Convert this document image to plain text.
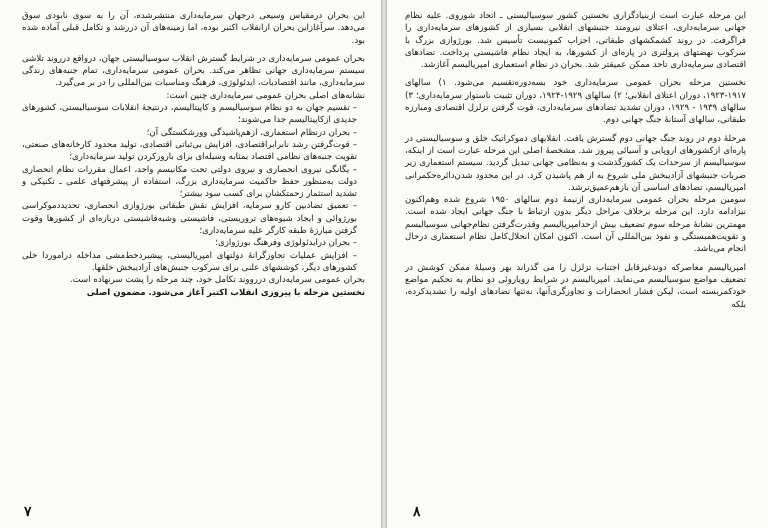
این بحران درمقیاس وسیعی درجهان سرمایه‌داری منتشرشده، آن را به سوی نابودی سوق می‌دهد. سرآغازاین بحران ازانقلاب اکتبر بوده، اما زمینه‌های آن دررشد و تکامل قبلی آماده شده بود.

بحران عمومی سرمایه‌داری در شرایط گسترش انقلاب سوسیالیستی جهان، درواقع درروند تلاشی سیستم سرمایه‌داری جهانی تظاهر می‌کند. بحران عمومی سرمایه‌داری، تمام جنبه‌های زندگی سرمایه‌داری، مانند اقتصادیات، ایدئولوژی، فرهنگ ومناسبات بین‌المللی را در بر می‌گیرد.

نشانه‌های اصلی بحران عمومی سرمایه‌داری چنین است:

– تقسیم جهان به دو نظام سوسیالیسم و کاپیتالیسم، درنتیجهٔ انقلابات سوسیالیستی، کشورهای جدیدی ازکاپیتالیسم جدا می‌شوند؛

– بحران درنظام استعماری، ازهم‌پاشیدگی وورشکستگی آن؛

– قوت‌گرفتن رشد نابرابراقتصادی، افزایش بی‌ثباتی اقتصادی، تولید محدود کارخانه‌های صنعتی، تقویت جنبه‌های نظامی اقتصاد بمثابه وسیله‌ای برای بارورکردن تولید سرمایه‌داری؛

– یگانگی نیروی انحصاری و نیروی دولتی تحت مکانیسم واحد، اعمال مقررات نظام انحصاری دولت به‌منظور حفظ حاکمیت سرمایه‌داری بزرگ، استفاده از پیشرفتهای علمی ـ تکنیکی و تشدید استثمار زحمتکشان برای کسب سود بیشتر؛

– تعمیق تضادبین کارو سرمایه، افزایش نقش طبقاتی بورژوازی انحصاری، تحدیددموکراسی بورژوائی و ایجاد شیوه‌های تروریستی، فاشیستی وشبه‌فاشیستی دربازه‌ای از کشورها وقوت گرفتن مبارزهٔ طبقه کارگر علیه سرمایه‌داری؛

– بحران درایدئولوژی وفرهنگ بورژوازی؛

– افزایش عملیات تجاوزگرانهٔ دولتهای امپریالیستی، پیشبردخط‌مشی مداخله دراموردا خلی کشورهای دیگر، کوششهای علنی برای سرکوب جنبش‌های آزادیبخش خلقها.

بحران عمومی سرمایه‌داری دررووند تکامل خود، چند مرحله را پشت سرنهاده است.

نخستین مرحله با پیروزی انقلاب اکتبر آغاز می‌شود. مضمون اصلی

۷

این مرحله عبارت است ازبنیادگزاری نخستین کشور سوسیالیستی ـ اتحاد شوروی. علیه نظام جهانی سرمایه‌داری، اعتلای نیرومند جنبشهای انقلابی بسیاری از کشورهای سرمایه‌داری را فراگرفت. در روند کشمکشهای طبقاتی، احزاب کمونیست تأسیس شد. بورژوازی بزرگ با سرکوب نهضتهای پرولتری در پاره‌ای از کشورها، به ایجاد نظام فاشیستی پرداخت. تضادهای اقتصادی سرمایه‌داری تاحد ممکن عمیقتر شد. بحران در نظام استعماری امپریالیسم آغازشد.

نخستین مرحله بحران عمومی سرمایه‌داری خود بسه‌دوره‌تقسیم می‌شود. ۱) سالهای ۱۹۱۷-۱۹۲۳، دوران اعتلای انقلابی؛ ۲) سالهای ۱۹۲۹-۱۹۲۴، دوران تثبیت ناستوار سرمایه‌داری؛ ۳) سالهای ۱۹۳۹ - ۱۹۲۹، دوران تشدید تضادهای سرمایه‌داری، قوت گرفتن تزلزل اقتصادی ومبارزه طبقاتی، سالهای آستانهٔ جنگ جهانی دوم.

مرحلهٔ دوم در روند جنگ جهانی دوم گسترش یافت. انقلابهای دموکراتیک خلق و سوسیالیستی در پاره‌ای ازکشورهای اروپایی و آسیائی پیروز شد. مشخصهٔ اصلی این مرحله عبارت است از اینکه، سوسیالیسم از سرحدات یک کشورگذشت و به‌نظامی جهانی تبدیل گردید. سیستم استعماری زیر ضربات جنبشهای آزادیبخش ملی شروع به از هم پاشیدن کرد. در این محدود شدن‌دائره‌حکمرانی امپریالیسم، تضادهای اساسی آن بازهم‌عمیق‌ترشد.

سومین مرحله بحران عمومی سرمایه‌داری ازنیمهٔ دوم سالهای ۱۹۵۰ شروع شده وهم‌اکنون نیزادامه دارد. این مرحله برخلاف مراحل دیگر بدون ارتباط با جنگ جهانی ایجاد شده است. مهمترین نشانهٔ مرحله سوم تضعیف بیش ازحدامپریالیسم وقدرت‌گرفتن نظام‌جهانی سوسیالیسم و تقویت‌همبستگی و نفوذ بین‌المللی آن است. اکنون امکان انحلال‌کامل نظام استعماری درحال انجام می‌باشد.

امپریالیسم معاصرکه دوندغیرقابل اجتناب تزلزل را می گذراند بهر وسیلهٔ ممکن کوشش در تضعیف مواضع سوسیالیسم می‌نماید. امپریالیسم در شرایط رویاروئی دو نظام به تحکیم مواضع خودکمربسته است، لیکن فشار انحصارات و تجاوزگری‌آنها، نه‌تنها تضادهای اولیه را تشدیدکرده، بلکه

۸
